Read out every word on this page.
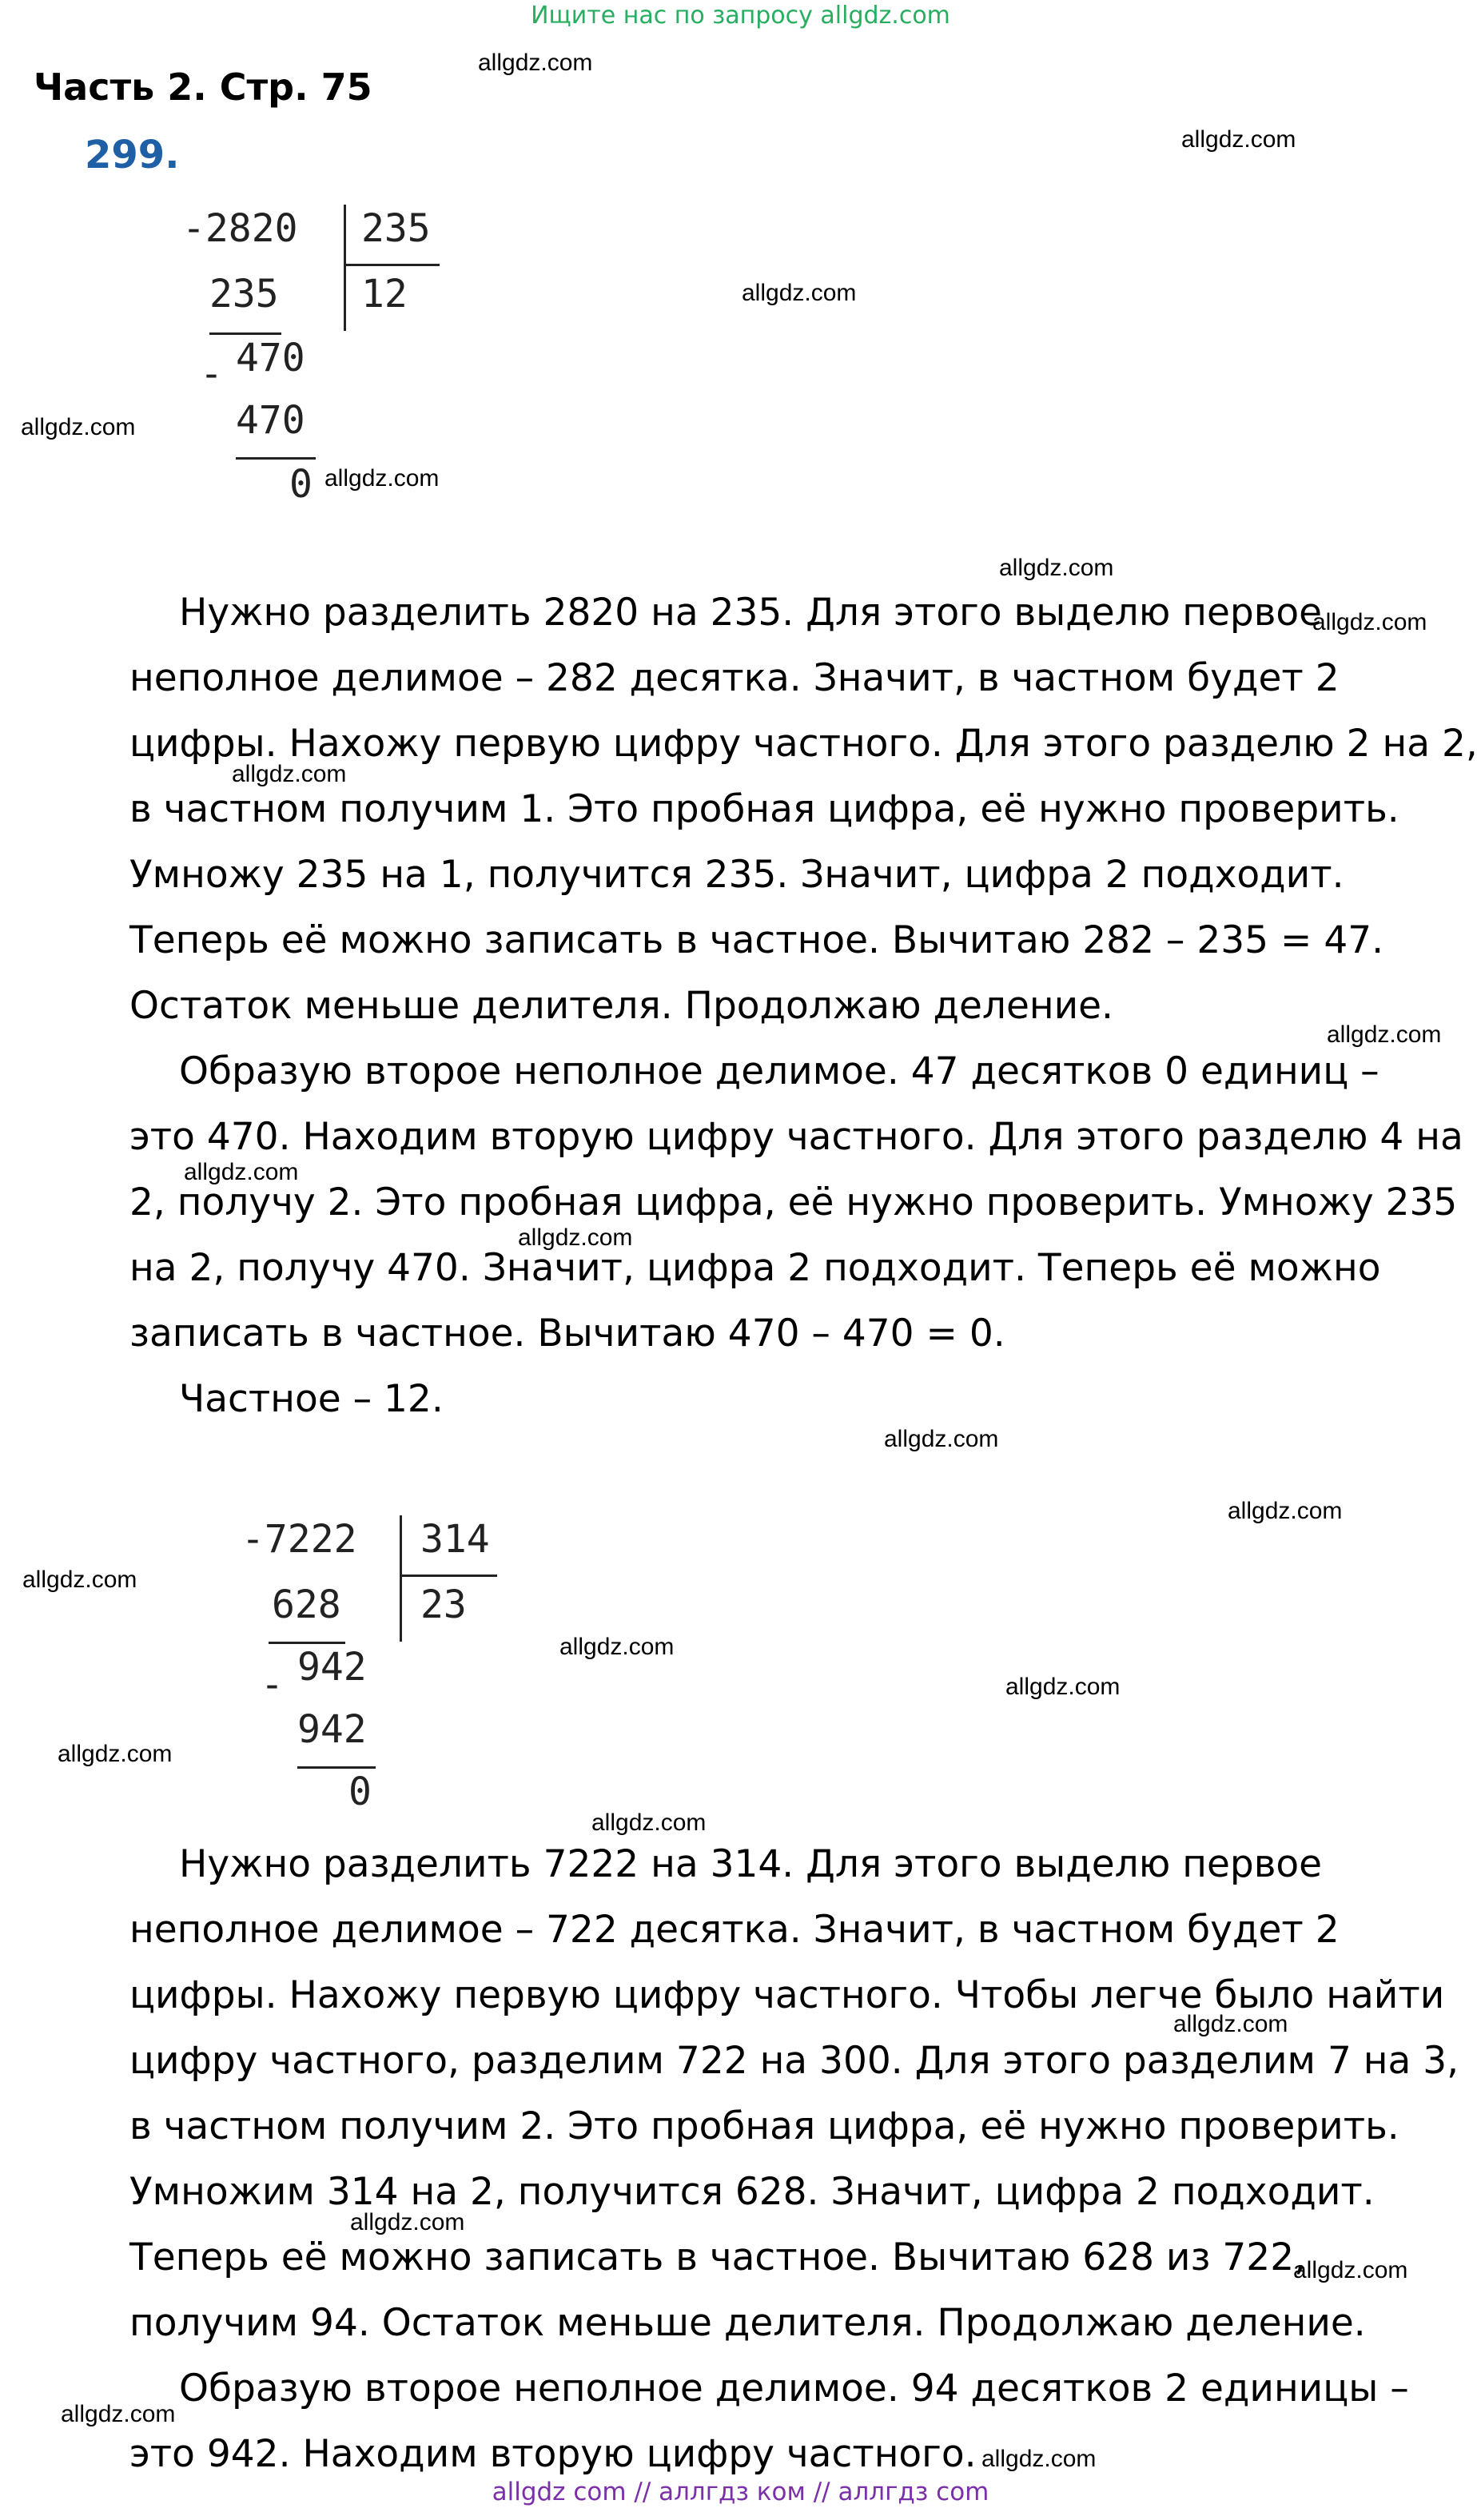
Ищите нас по запросу allgdz.com
Часть 2. Стр. 75
299.
-2820 235
235 12
- 470
470
0
Нужно разделить 2820 на 235. Для этого выделю первое
неполное делимое – 282 десятка. Значит, в частном будет 2
цифры. Нахожу первую цифру частного. Для этого разделю 2 на 2,
в частном получим 1. Это пробная цифра, её нужно проверить.
Умножу 235 на 1, получится 235. Значит, цифра 2 подходит.
Теперь её можно записать в частное. Вычитаю 282 – 235 = 47.
Остаток меньше делителя. Продолжаю деление.
Образую второе неполное делимое. 47 десятков 0 единиц –
это 470. Находим вторую цифру частного. Для этого разделю 4 на
2, получу 2. Это пробная цифра, её нужно проверить. Умножу 235
на 2, получу 470. Значит, цифра 2 подходит. Теперь её можно
записать в частное. Вычитаю 470 – 470 = 0.
Частное – 12.
-7222 314
628 23
- 942
942
0
Нужно разделить 7222 на 314. Для этого выделю первое
неполное делимое – 722 десятка. Значит, в частном будет 2
цифры. Нахожу первую цифру частного. Чтобы легче было найти
цифру частного, разделим 722 на 300. Для этого разделим 7 на 3,
в частном получим 2. Это пробная цифра, её нужно проверить.
Умножим 314 на 2, получится 628. Значит, цифра 2 подходит.
Теперь её можно записать в частное. Вычитаю 628 из 722,
получим 94. Остаток меньше делителя. Продолжаю деление.
Образую второе неполное делимое. 94 десятков 2 единицы –
это 942. Находим вторую цифру частного.
allgdz.com
allgdz.com
allgdz.com
allgdz.com
allgdz.com
allgdz.com
allgdz.com
allgdz.com
allgdz.com
allgdz.com
allgdz.com
allgdz.com
allgdz.com
allgdz.com
allgdz.com
allgdz.com
allgdz.com
allgdz.com
allgdz.com
allgdz.com
allgdz.com
allgdz.com
allgdz.com
allgdz com // аллгдз ком // аллгдз com
